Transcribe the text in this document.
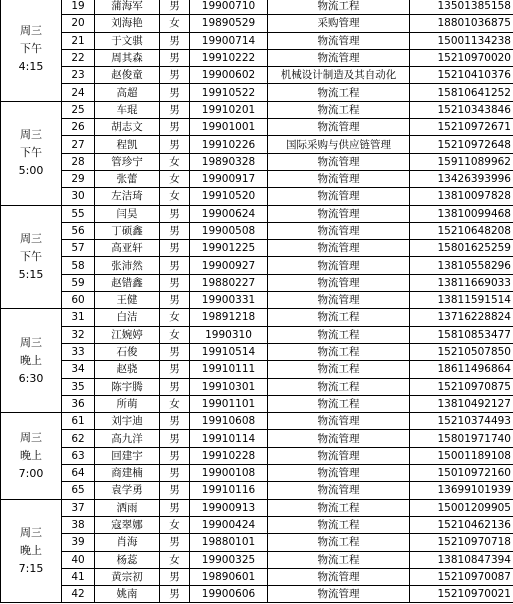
周三
下午
4:15	19	蒲海军	男	19900710	物流工程	13501385158
	20	刘海艳	女	19890529	采购管理	18801036875
	21	于文骐	男	19900714	物流管理	15001134238
	22	周其森	男	19910222	物流管理	15210970020
	23	赵俊童	男	19900602	机械设计制造及其自动化	15210410376
	24	高超	男	19910522	物流工程	15810641252

周三
下午
5:00	25	车琨	男	19910201	物流工程	15210343846
	26	胡志文	男	19901001	物流管理	15210972671
	27	程凯	男	19910226	国际采购与供应链管理	15210972648
	28	管珍宁	女	19890328	物流管理	15911089962
	29	张蕾	女	19900917	物流管理	13426393996
	30	左洁琦	女	19910520	物流管理	13810097828

周三
下午
5:15	55	闫昊	男	19900624	物流管理	13810099468
	56	丁硕鑫	男	19900508	物流管理	15210648208
	57	高亚轩	男	19901225	物流管理	15801625259
	58	张沛然	男	19900927	物流管理	13810558296
	59	赵错鑫	男	19880227	物流管理	13811669033
	60	王健	男	19900331	物流管理	13811591514

周三
晚上
6:30	31	白洁	女	19891218	物流工程	13716228824
	32	江婉婷	女	1990310	物流工程	15810853477
	33	石俊	男	19910514	物流工程	15210507850
	34	赵骁	男	19910111	物流工程	18611496864
	35	陈宇腾	男	19910301	物流工程	15210970875
	36	所萌	女	19901101	物流工程	13810492127

周三
晚上
7:00	61	刘宇迪	男	19910608	物流管理	15210374493
	62	高九洋	男	19910114	物流管理	15801971740
	63	回建宇	男	19910228	物流管理	15001189108
	64	商建楠	男	19900108	物流管理	15010972160
	65	袁学勇	男	19910116	物流管理	13699101939

周三
晚上
7:15	37	洒雨	男	19900913	物流工程	15001209905
	38	寇翠娜	女	19900424	物流工程	15210462136
	39	肖海	男	19880101	物流工程	15210970718
	40	杨蕊	女	19900325	物流工程	13810847394
	41	黄宗初	男	19890601	物流管理	15210970087
	42	姚南	男	19900606	物流管理	15210970021
